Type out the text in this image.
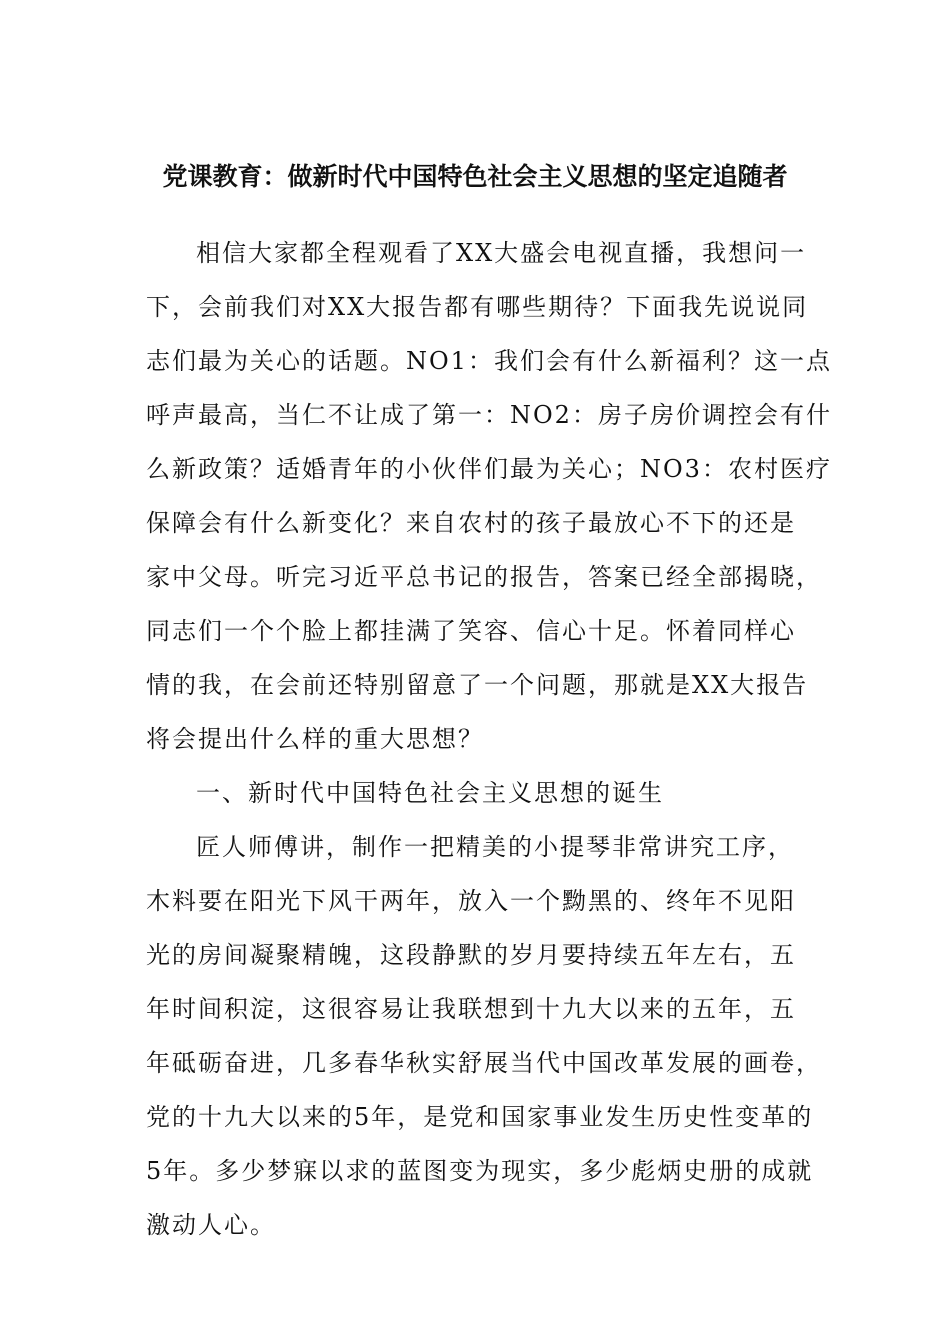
党课教育：做新时代中国特色社会主义思想的坚定追随者
相信大家都全程观看了XX大盛会电视直播，我想问一
下，会前我们对XX大报告都有哪些期待？下面我先说说同
志们最为关心的话题。NO1：我们会有什么新福利？这一点
呼声最高，当仁不让成了第一：NO2：房子房价调控会有什
么新政策？适婚青年的小伙伴们最为关心；NO3：农村医疗
保障会有什么新变化？来自农村的孩子最放心不下的还是
家中父母。听完习近平总书记的报告，答案已经全部揭晓，
同志们一个个脸上都挂满了笑容、信心十足。怀着同样心
情的我，在会前还特别留意了一个问题，那就是XX大报告
将会提出什么样的重大思想？
一、新时代中国特色社会主义思想的诞生
匠人师傅讲，制作一把精美的小提琴非常讲究工序，
木料要在阳光下风干两年，放入一个黝黑的、终年不见阳
光的房间凝聚精魄，这段静默的岁月要持续五年左右，五
年时间积淀，这很容易让我联想到十九大以来的五年，五
年砥砺奋进，几多春华秋实舒展当代中国改革发展的画卷，
党的十九大以来的5年，是党和国家事业发生历史性变革的
5年。多少梦寐以求的蓝图变为现实，多少彪炳史册的成就
激动人心。
